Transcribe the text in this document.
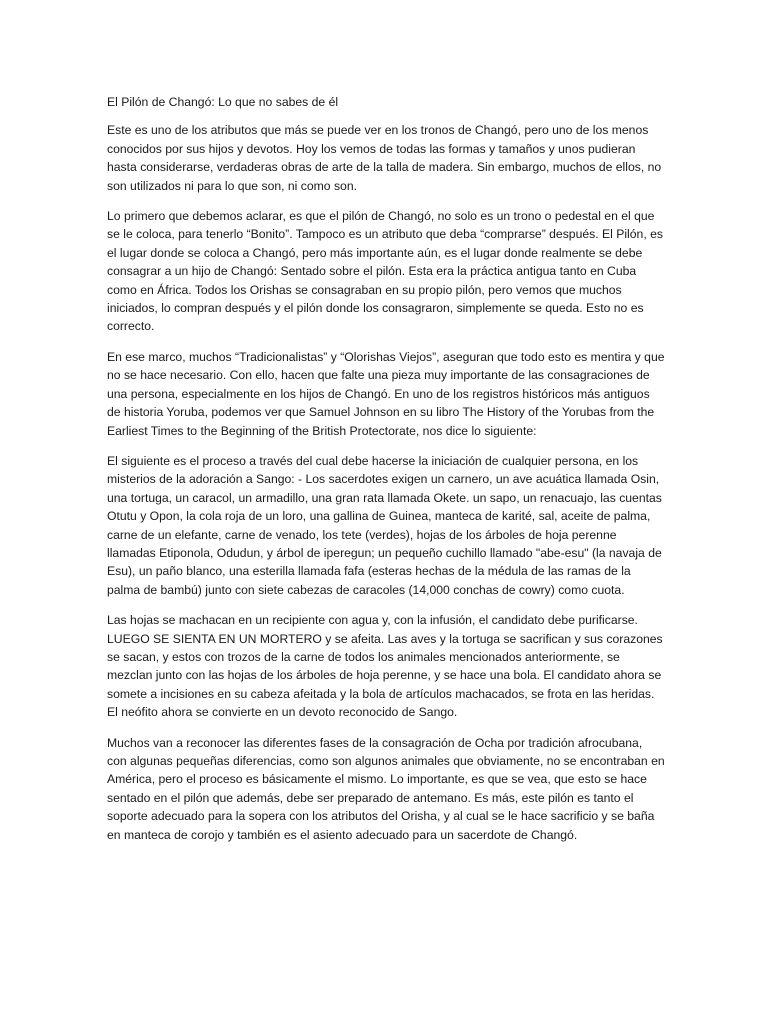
El Pilón de Changó: Lo que no sabes de él

Este es uno de los atributos que más se puede ver en los tronos de Changó, pero uno de los menos conocidos por sus hijos y devotos. Hoy los vemos de todas las formas y tamaños y unos pudieran hasta considerarse, verdaderas obras de arte de la talla de madera. Sin embargo, muchos de ellos, no son utilizados ni para lo que son, ni como son.

Lo primero que debemos aclarar, es que el pilón de Changó, no solo es un trono o pedestal en el que se le coloca, para tenerlo “Bonito”. Tampoco es un atributo que deba “comprarse” después. El Pilón, es el lugar donde se coloca a Changó, pero más importante aún, es el lugar donde realmente se debe consagrar a un hijo de Changó: Sentado sobre el pilón. Esta era la práctica antigua tanto en Cuba como en África. Todos los Orishas se consagraban en su propio pilón, pero vemos que muchos iniciados, lo compran después y el pilón donde los consagraron, simplemente se queda. Esto no es correcto.

En ese marco, muchos “Tradicionalistas” y “Olorishas Viejos”, aseguran que todo esto es mentira y que no se hace necesario. Con ello, hacen que falte una pieza muy importante de las consagraciones de una persona, especialmente en los hijos de Changó. En uno de los registros históricos más antiguos de historia Yoruba, podemos ver que Samuel Johnson en su libro The History of the Yorubas from the Earliest Times to the Beginning of the British Protectorate, nos dice lo siguiente:

El siguiente es el proceso a través del cual debe hacerse la iniciación de cualquier persona, en los misterios de la adoración a Sango: - Los sacerdotes exigen un carnero, un ave acuática llamada Osin, una tortuga, un caracol, un armadillo, una gran rata llamada Okete. un sapo, un renacuajo, las cuentas Otutu y Opon, la cola roja de un loro, una gallina de Guinea, manteca de karité, sal, aceite de palma, carne de un elefante, carne de venado, los tete (verdes), hojas de los árboles de hoja perenne llamadas Etiponola, Odudun, y árbol de iperegun; un pequeño cuchillo llamado "abe-esu" (la navaja de Esu), un paño blanco, una esterilla llamada fafa (esteras hechas de la médula de las ramas de la palma de bambú) junto con siete cabezas de caracoles (14,000 conchas de cowry) como cuota.

Las hojas se machacan en un recipiente con agua y, con la infusión, el candidato debe purificarse. LUEGO SE SIENTA EN UN MORTERO y se afeita. Las aves y la tortuga se sacrifican y sus corazones se sacan, y estos con trozos de la carne de todos los animales mencionados anteriormente, se mezclan junto con las hojas de los árboles de hoja perenne, y se hace una bola. El candidato ahora se somete a incisiones en su cabeza afeitada y la bola de artículos machacados, se frota en las heridas. El neófito ahora se convierte en un devoto reconocido de Sango.

Muchos van a reconocer las diferentes fases de la consagración de Ocha por tradición afrocubana, con algunas pequeñas diferencias, como son algunos animales que obviamente, no se encontraban en América, pero el proceso es básicamente el mismo. Lo importante, es que se vea, que esto se hace sentado en el pilón que además, debe ser preparado de antemano. Es más, este pilón es tanto el soporte adecuado para la sopera con los atributos del Orisha, y al cual se le hace sacrificio y se baña en manteca de corojo y también es el asiento adecuado para un sacerdote de Changó.
